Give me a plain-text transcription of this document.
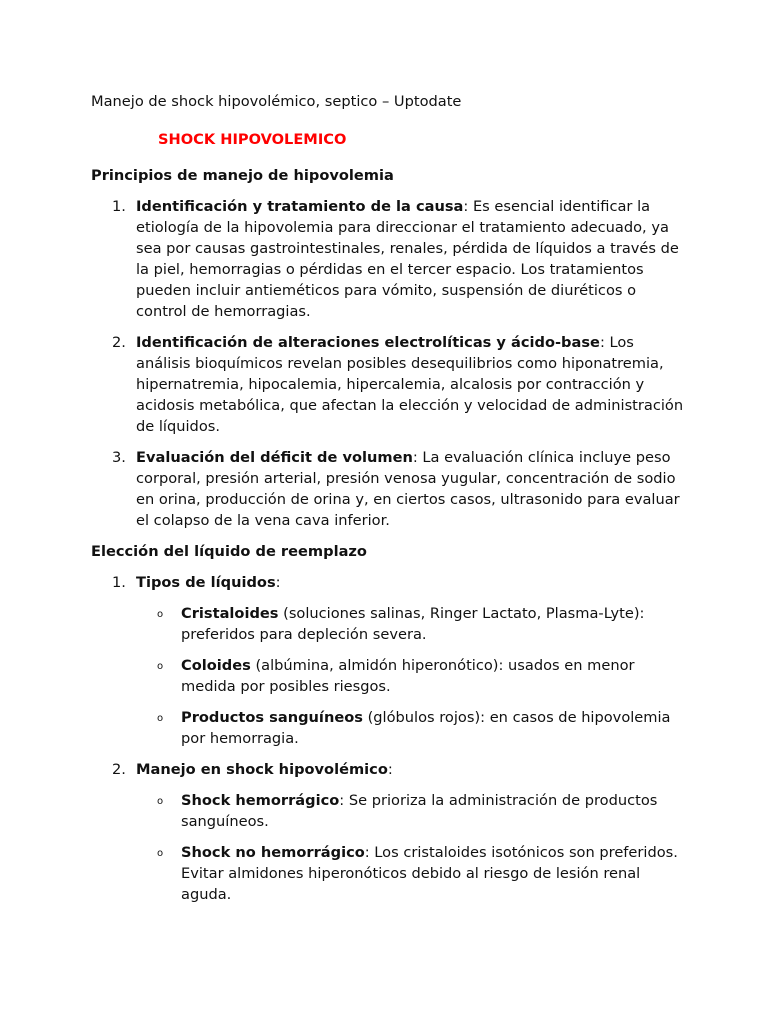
Manejo de shock hipovolémico, septico – Uptodate

SHOCK HIPOVOLEMICO

Principios de manejo de hipovolemia

1. Identificación y tratamiento de la causa: Es esencial identificar la etiología de la hipovolemia para direccionar el tratamiento adecuado, ya sea por causas gastrointestinales, renales, pérdida de líquidos a través de la piel, hemorragias o pérdidas en el tercer espacio. Los tratamientos pueden incluir antieméticos para vómito, suspensión de diuréticos o control de hemorragias.
2. Identificación de alteraciones electrolíticas y ácido-base: Los análisis bioquímicos revelan posibles desequilibrios como hiponatremia, hipernatremia, hipocalemia, hipercalemia, alcalosis por contracción y acidosis metabólica, que afectan la elección y velocidad de administración de líquidos.
3. Evaluación del déficit de volumen: La evaluación clínica incluye peso corporal, presión arterial, presión venosa yugular, concentración de sodio en orina, producción de orina y, en ciertos casos, ultrasonido para evaluar el colapso de la vena cava inferior.

Elección del líquido de reemplazo

1. Tipos de líquidos:
o Cristaloides (soluciones salinas, Ringer Lactato, Plasma-Lyte): preferidos para depleción severa.
o Coloides (albúmina, almidón hiperonótico): usados en menor medida por posibles riesgos.
o Productos sanguíneos (glóbulos rojos): en casos de hipovolemia por hemorragia.
2. Manejo en shock hipovolémico:
o Shock hemorrágico: Se prioriza la administración de productos sanguíneos.
o Shock no hemorrágico: Los cristaloides isotónicos son preferidos. Evitar almidones hiperonóticos debido al riesgo de lesión renal aguda.
